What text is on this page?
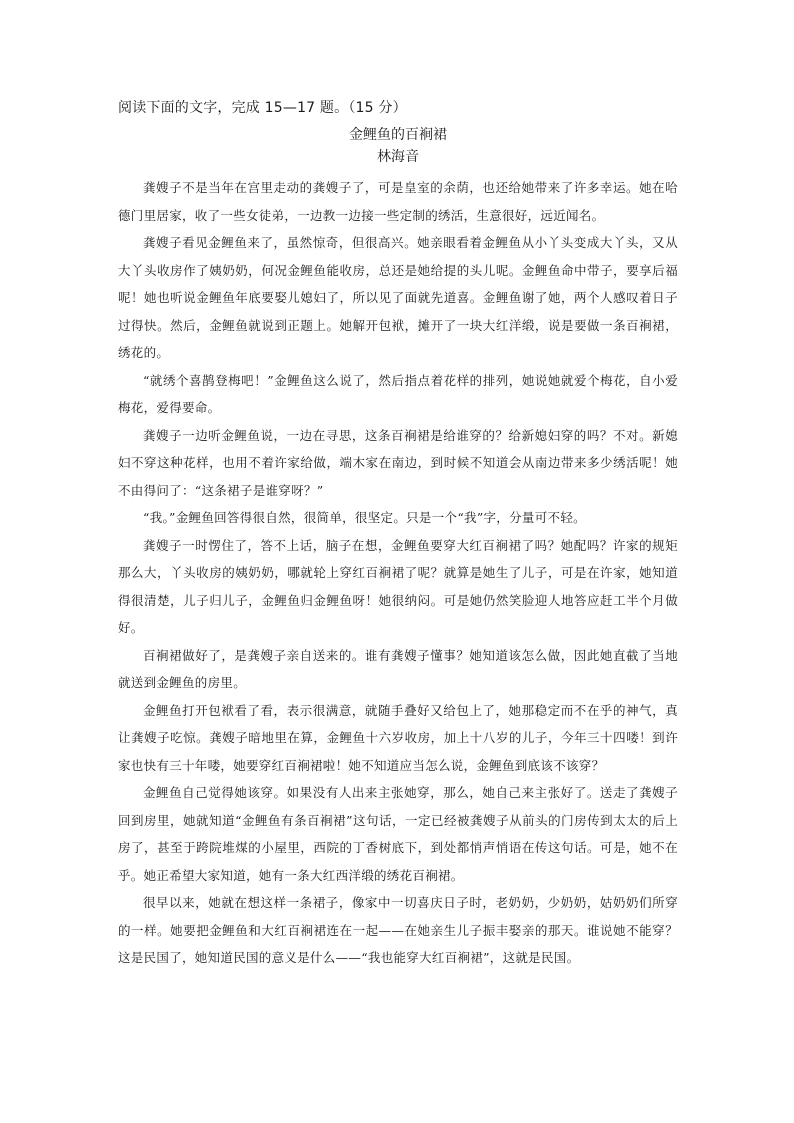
阅读下面的文字，完成 15—17 题。（15 分）

金鲤鱼的百裥裙

林海音

龚嫂子不是当年在宫里走动的龚嫂子了，可是皇室的余荫，也还给她带来了许多幸运。她在哈德门里居家，收了一些女徒弟，一边教一边接一些定制的绣活，生意很好，远近闻名。

龚嫂子看见金鲤鱼来了，虽然惊奇，但很高兴。她亲眼看着金鲤鱼从小丫头变成大丫头，又从大丫头收房作了姨奶奶，何况金鲤鱼能收房，总还是她给提的头儿呢。金鲤鱼命中带子，要享后福呢！她也听说金鲤鱼年底要娶儿媳妇了，所以见了面就先道喜。金鲤鱼谢了她，两个人感叹着日子过得快。然后，金鲤鱼就说到正题上。她解开包袱，摊开了一块大红洋缎，说是要做一条百裥裙，绣花的。

“就绣个喜鹊登梅吧！”金鲤鱼这么说了，然后指点着花样的排列，她说她就爱个梅花，自小爱梅花，爱得要命。

龚嫂子一边听金鲤鱼说，一边在寻思，这条百裥裙是给谁穿的？给新媳妇穿的吗？不对。新媳妇不穿这种花样，也用不着许家给做，端木家在南边，到时候不知道会从南边带来多少绣活呢！她不由得问了：“这条裙子是谁穿呀？”

“我。”金鲤鱼回答得很自然，很简单，很坚定。只是一个“我”字，分量可不轻。

龚嫂子一时愣住了，答不上话，脑子在想，金鲤鱼要穿大红百裥裙了吗？她配吗？许家的规矩那么大，丫头收房的姨奶奶，哪就轮上穿红百裥裙了呢？就算是她生了儿子，可是在许家，她知道得很清楚，儿子归儿子，金鲤鱼归金鲤鱼呀！她很纳闷。可是她仍然笑脸迎人地答应赶工半个月做好。

百裥裙做好了，是龚嫂子亲自送来的。谁有龚嫂子懂事？她知道该怎么做，因此她直截了当地就送到金鲤鱼的房里。

金鲤鱼打开包袱看了看，表示很满意，就随手叠好又给包上了，她那稳定而不在乎的神气，真让龚嫂子吃惊。龚嫂子暗地里在算，金鲤鱼十六岁收房，加上十八岁的儿子，今年三十四喽！到许家也快有三十年喽，她要穿红百裥裙啦！她不知道应当怎么说，金鲤鱼到底该不该穿？

金鲤鱼自己觉得她该穿。如果没有人出来主张她穿，那么，她自己来主张好了。送走了龚嫂子回到房里，她就知道“金鲤鱼有条百裥裙”这句话，一定已经被龚嫂子从前头的门房传到太太的后上房了，甚至于跨院堆煤的小屋里，西院的丁香树底下，到处都悄声悄语在传这句话。可是，她不在乎。她正希望大家知道，她有一条大红西洋缎的绣花百裥裙。

很早以来，她就在想这样一条裙子，像家中一切喜庆日子时，老奶奶，少奶奶，姑奶奶们所穿的一样。她要把金鲤鱼和大红百裥裙连在一起——在她亲生儿子振丰娶亲的那天。谁说她不能穿？这是民国了，她知道民国的意义是什么——“我也能穿大红百裥裙”，这就是民国。
